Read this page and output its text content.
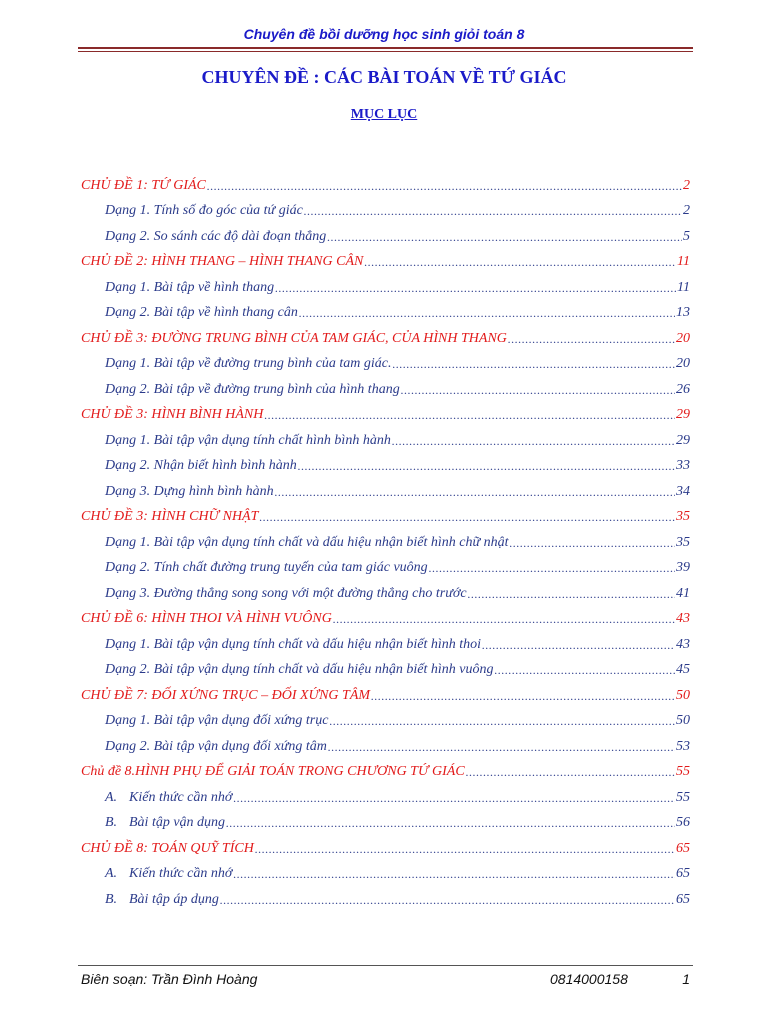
Chuyên đề bồi dưỡng học sinh giỏi toán 8
CHUYÊN ĐỀ : CÁC BÀI TOÁN VỀ TỨ GIÁC
MỤC LỤC
CHỦ ĐỀ 1: TỨ GIÁC .....	2
Dạng 1. Tính số đo góc của tứ giác .....	2
Dạng 2. So sánh các độ dài đoạn thẳng .....	5
CHỦ ĐỀ 2: HÌNH THANG – HÌNH THANG CÂN .....	11
Dạng 1. Bài tập về hình thang .....	11
Dạng 2. Bài tập về hình thang cân .....	13
CHỦ ĐỀ 3: ĐƯỜNG TRUNG BÌNH CỦA TAM GIÁC, CỦA HÌNH THANG .....	20
Dạng 1. Bài tập về đường trung bình của tam giác. .....	20
Dạng 2. Bài tập về đường trung bình của hình thang .....	26
CHỦ ĐỀ 3: HÌNH BÌNH HÀNH .....	29
Dạng 1. Bài tập vận dụng tính chất hình bình hành .....	29
Dạng 2. Nhận biết hình bình hành .....	33
Dạng 3. Dựng hình bình hành .....	34
CHỦ ĐỀ 3: HÌNH CHỮ NHẬT .....	35
Dạng 1. Bài tập vận dụng tính chất và dấu hiệu nhận biết hình chữ nhật .....	35
Dạng 2. Tính chất đường trung tuyến của tam giác vuông .....	39
Dạng 3. Đường thẳng song song với một đường thẳng cho trước .....	41
CHỦ ĐỀ 6: HÌNH THOI VÀ HÌNH VUÔNG .....	43
Dạng 1. Bài tập vận dụng tính chất và dấu hiệu nhận biết hình thoi .....	43
Dạng 2. Bài tập vận dụng tính chất và dấu hiệu nhận biết hình vuông .....	45
CHỦ ĐỀ 7: ĐỐI XỨNG TRỤC – ĐỐI XỨNG TÂM .....	50
Dạng 1. Bài tập vận dụng đối xứng trục .....	50
Dạng 2. Bài tập vận dụng đối xứng tâm .....	53
Chủ đề 8.HÌNH PHỤ ĐỂ GIẢI TOÁN TRONG CHƯƠNG TỨ GIÁC .....	55
A. Kiến thức cần nhớ .....	55
B. Bài tập vận dụng .....	56
CHỦ ĐỀ 8: TOÁN QUỸ TÍCH .....	65
A. Kiến thức cần nhớ .....	65
B. Bài tập áp dụng .....	65
Biên soạn: Trần Đình Hoàng	0814000158	1
